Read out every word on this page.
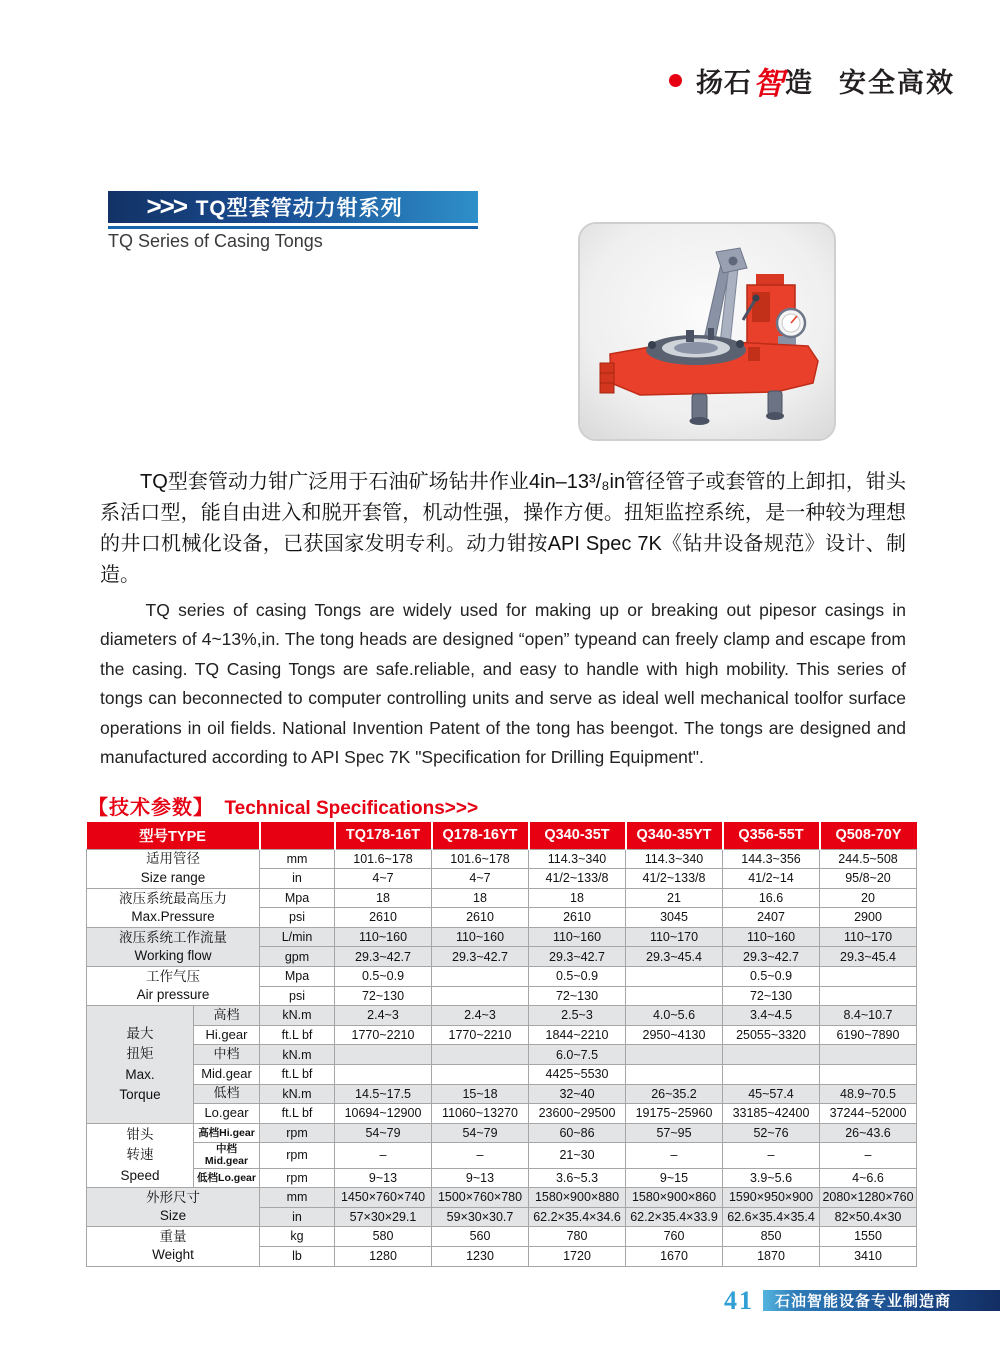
扬石 智 造 安全高效
>>> TQ型套管动力钳系列
TQ Series of Casing Tongs

TQ型套管动力钳广泛用于石油矿场钻井作业4in–13³/₈in管径管子或套管的上卸扣，钳头系活口型，能自由进入和脱开套管，机动性强，操作方便。扭矩监控系统，是一种较为理想的井口机械化设备，已获国家发明专利。动力钳按API Spec 7K《钻井设备规范》设计、制造。

TQ series of casing Tongs are widely used for making up or breaking out pipesor casings in diameters of 4~13%,in. The tong heads are designed “open” typeand can freely clamp and escape from the casing. TQ Casing Tongs are safe.reliable, and easy to handle with high mobility. This series of tongs can beconnected to computer controlling units and serve as ideal well mechanical toolfor surface operations in oil fields. National Invention Patent of the tong has beengot. The tongs are designed and manufactured according to API Spec 7K "Specification for Drilling Equipment".

【技术参数】 Technical Specifications>>>
型号TYPE			TQ178-16T	Q178-16YT	Q340-35T	Q340-35YT	Q356-55T	Q508-70Y
适用管径
Size range		mm	101.6~178	101.6~178	114.3~340	114.3~340	144.3~356	244.5~508
		in	4~7	4~7	41/2~133/8	41/2~133/8	41/2~14	95/8~20
液压系统最高压力
Max.Pressure		Mpa	18	18	18	21	16.6	20
		psi	2610	2610	2610	3045	2407	2900
液压系统工作流量
Working flow		L/min	110~160	110~160	110~160	110~170	110~160	110~170
		gpm	29.3~42.7	29.3~42.7	29.3~42.7	29.3~45.4	29.3~42.7	29.3~45.4
工作气压
Air pressure		Mpa	0.5~0.9		0.5~0.9		0.5~0.9	
		psi	72~130		72~130		72~130	
最大
扭矩
Max.
Torque	高档	kN.m	2.4~3	2.4~3	2.5~3	4.0~5.6	3.4~4.5	8.4~10.7
	Hi.gear	ft.L bf	1770~2210	1770~2210	1844~2210	2950~4130	25055~3320	6190~7890
	中档	kN.m			6.0~7.5			
	Mid.gear	ft.L bf			4425~5530			
	低档	kN.m	14.5~17.5	15~18	32~40	26~35.2	45~57.4	48.9~70.5
	Lo.gear	ft.L bf	10694~12900	11060~13270	23600~29500	19175~25960	33185~42400	37244~52000
钳头
转速
Speed	高档Hi.gear	rpm	54~79	54~79	60~86	57~95	52~76	26~43.6
	中档Mid.gear	rpm	–	–	21~30	–	–	–
	低档Lo.gear	rpm	9~13	9~13	3.6~5.3	9~15	3.9~5.6	4~6.6
外形尺寸
Size		mm	1450×760×740	1500×760×780	1580×900×880	1580×900×860	1590×950×900	2080×1280×760
		in	57×30×29.1	59×30×30.7	62.2×35.4×34.6	62.2×35.4×33.9	62.6×35.4×35.4	82×50.4×30
重量
Weight		kg	580	560	780	760	850	1550
		lb	1280	1230	1720	1670	1870	3410
41 石油智能设备专业制造商
